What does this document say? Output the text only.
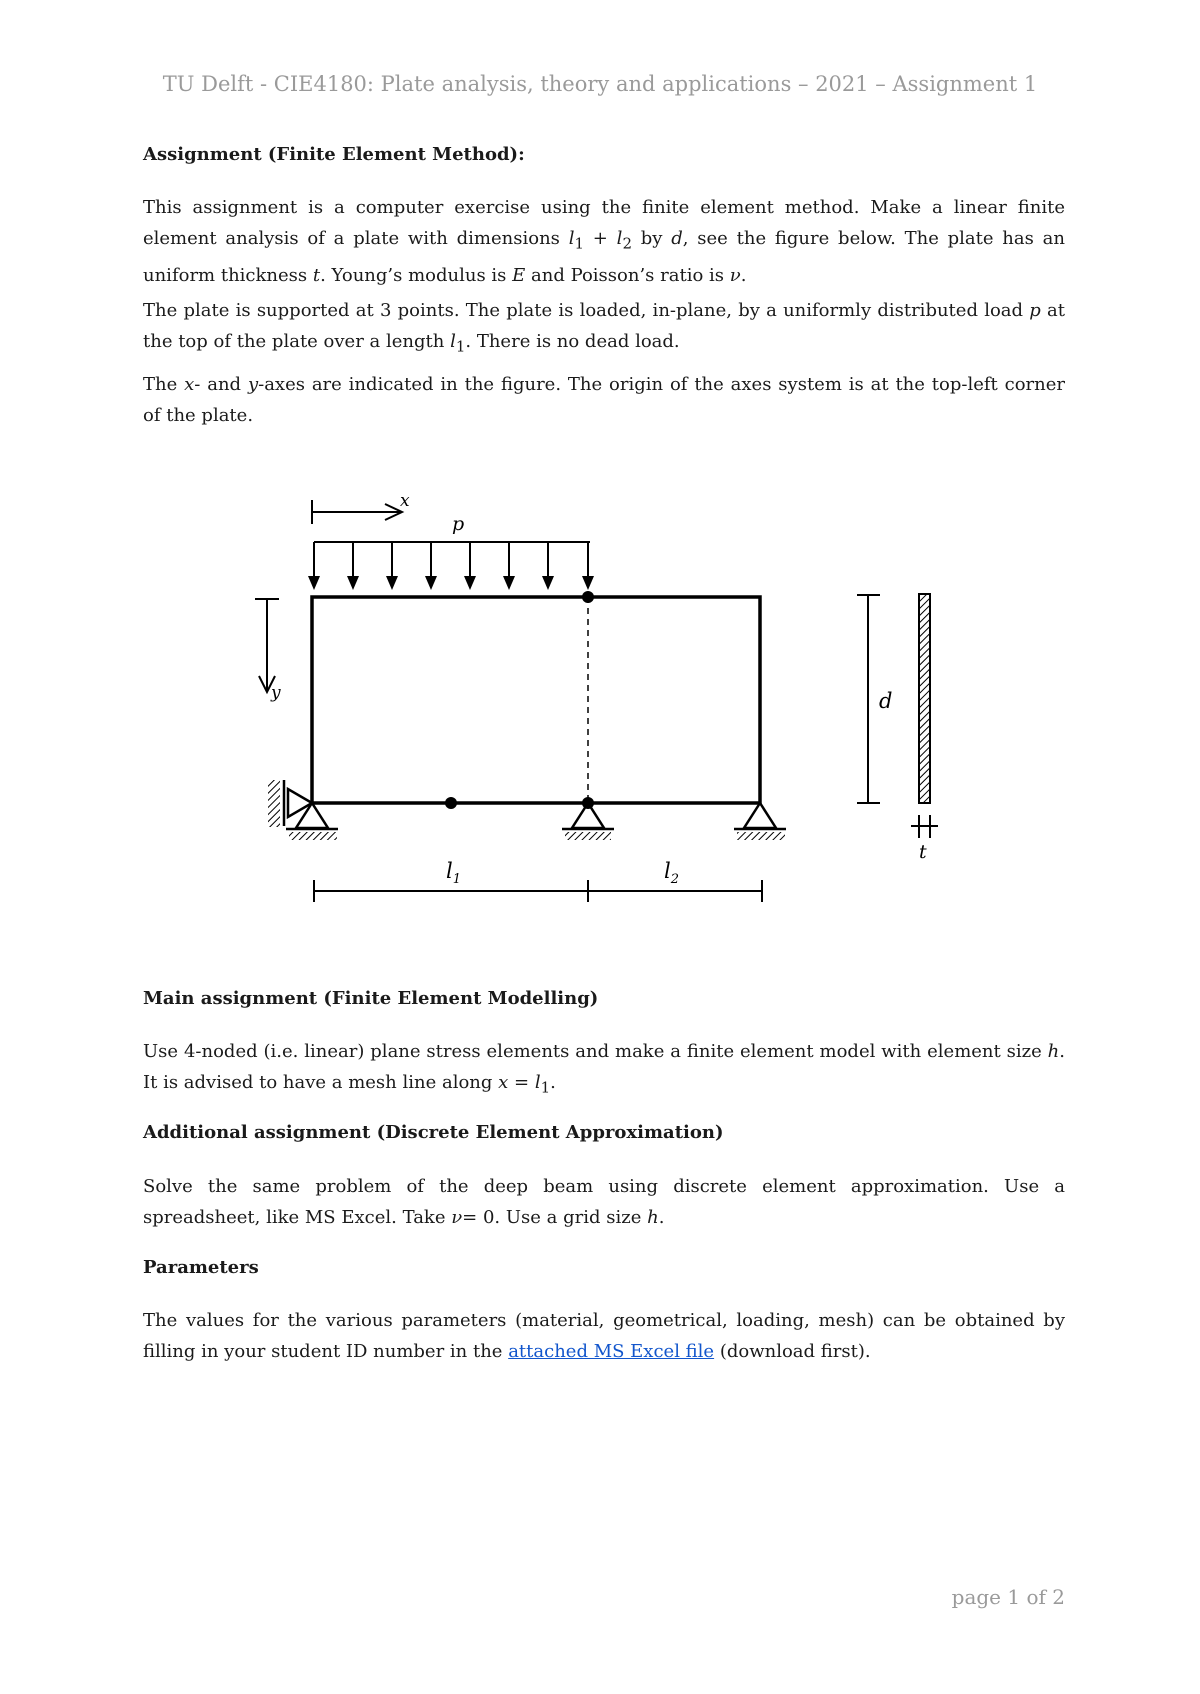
TU Delft - CIE4180: Plate analysis, theory and applications – 2021 – Assignment 1

Assignment (Finite Element Method):

This assignment is a computer exercise using the finite element method. Make a linear finite element analysis of a plate with dimensions $l_1 + l_2$ by d, see the figure below. The plate has an uniform thickness t. Young’s modulus is E and Poisson’s ratio is ν.

The plate is supported at 3 points. The plate is loaded, in-plane, by a uniformly distributed load p at the top of the plate over a length $l_1$. There is no dead load.

The x- and y-axes are indicated in the figure. The origin of the axes system is at the top-left corner of the plate.

x
y
p
$l_1$	$l_2$
d
t

Main assignment (Finite Element Modelling)

Use 4-noded (i.e. linear) plane stress elements and make a finite element model with element size h. It is advised to have a mesh line along $x = l_1$.

Additional assignment (Discrete Element Approximation)

Solve the same problem of the deep beam using discrete element approximation. Use a spreadsheet, like MS Excel. Take ν= 0. Use a grid size h.

Parameters

The values for the various parameters (material, geometrical, loading, mesh) can be obtained by filling in your student ID number in the attached MS Excel file (download first).

page 1 of 2
